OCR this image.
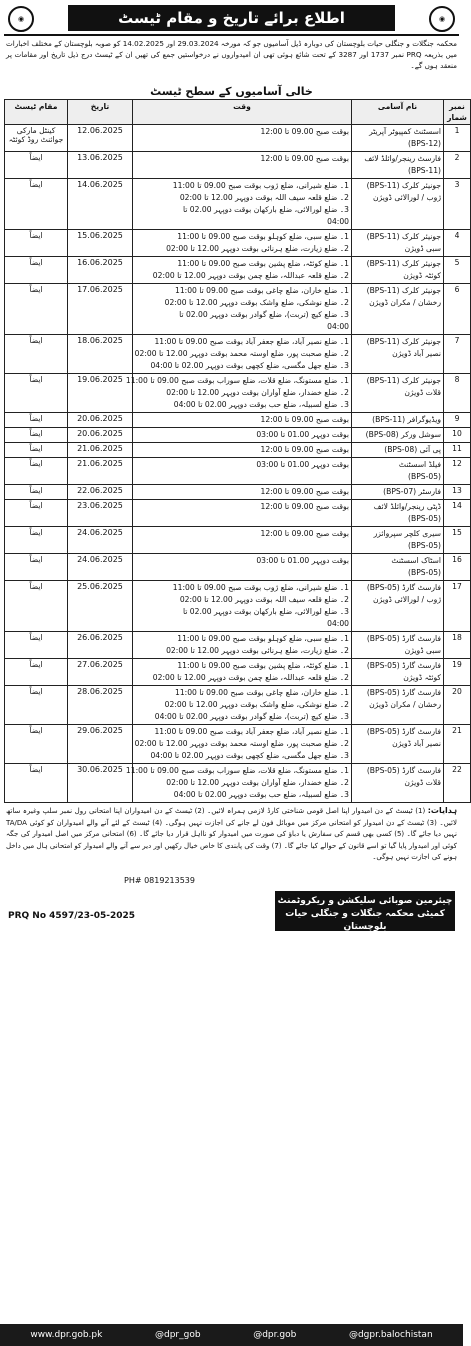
◉	اطلاع برائے تاریخ و مقام ٹیسٹ	◉
محکمہ جنگلات و جنگلی حیات بلوچستان کی دوبارہ ڈیل آسامیوں جو کہ مورخہ 29.03.2024 اور 14.02.2025 کو صوبہ بلوچستان کے مختلف اخبارات میں بذریعہ PRQ نمبر 1737 اور 3287 کے تحت شائع ہوئی تھی ان امیدواروں نے درخواستیں جمع کی تھیں ان کے ٹیسٹ درج ذیل تاریخ اور مقامات پر منعقد ہوں گے۔
خالی آسامیوں کے سطح ٹیسٹ
نمبر شمار	نام آسامی	وقت	تاریخ	مقام ٹیسٹ
1	اسسٹنٹ کمپیوٹر آپریٹر
(BPS-12)	بوقت صبح 09.00 تا 12:00	12.06.2025	کینٹل مارکی جوائنٹ روڈ کوئٹہ
2	فارسٹ رینجر/وائلڈ لائف
(BPS-11)	بوقت صبح 09.00 تا 12:00	13.06.2025	ایضاً
3	جونیئر کلرک (BPS-11)
ژوب / لورالائی ڈویژن	1۔ ضلع شیرانی، ضلع ژوب بوقت صبح 09.00 تا 11:00
2۔ ضلع قلعہ سیف اللہ بوقت دوپہر 12.00 تا 02:00
3۔ ضلع لورالائی، ضلع بارکھان بوقت دوپہر 02.00 تا
04:00	14.06.2025	ایضاً
4	جونیئر کلرک (BPS-11)
سبی ڈویژن	1۔ ضلع سبی، ضلع کوہلو بوقت صبح 09.00 تا 11:00
2۔ ضلع زیارت، ضلع ہرنائی بوقت دوپہر 12.00 تا 02:00	15.06.2025	ایضاً
5	جونیئر کلرک (BPS-11)
کوئٹہ ڈویژن	1۔ ضلع کوئٹہ، ضلع پشین بوقت صبح 09.00 تا 11:00
2۔ ضلع قلعہ عبداللہ، ضلع چمن بوقت دوپہر 12.00 تا 02:00	16.06.2025	ایضاً
6	جونیئر کلرک (BPS-11)
رخشان / مکران ڈویژن	1۔ ضلع خاران، ضلع چاغی بوقت صبح 09.00 تا 11:00
2۔ ضلع نوشکی، ضلع واشک بوقت دوپہر 12.00 تا 02:00
3۔ ضلع کیچ (تربت)، ضلع گوادر بوقت دوپہر 02.00 تا
04:00	17.06.2025	ایضاً
7	جونیئر کلرک (BPS-11)
نصیر آباد ڈویژن	1۔ ضلع نصیر آباد، ضلع جعفر آباد بوقت صبح 09.00 تا 11:00
2۔ ضلع صحبت پور، ضلع اوستہ محمد بوقت دوپہر 12.00 تا 02:00
3۔ ضلع جھل مگسی، ضلع کچھی بوقت دوپہر 02.00 تا 04:00	18.06.2025	ایضاً
8	جونیئر کلرک (BPS-11)
قلات ڈویژن	1۔ ضلع مستونگ، ضلع قلات، ضلع سوراب بوقت صبح 09.00 تا 11:00
2۔ ضلع خضدار، ضلع آواران بوقت دوپہر 12.00 تا 02:00
3۔ ضلع لسبیلہ، ضلع حب بوقت دوپہر 02.00 تا 04:00	19.06.2025	ایضاً
9	ویڈیوگرافر (BPS-11)	بوقت صبح 09.00 تا 12:00	20.06.2025	ایضاً
10	سوشل ورکر (BPS-08)	بوقت دوپہر 01.00 تا 03:00	20.06.2025	ایضاً
11	پی آئی (BPS-08)	بوقت صبح 09.00 تا 12:00	21.06.2025	ایضاً
12	فیلڈ اسسٹنٹ
(BPS-05)	بوقت دوپہر 01.00 تا 03:00	21.06.2025	ایضاً
13	فارسٹر (BPS-07)	بوقت صبح 09.00 تا 12:00	22.06.2025	ایضاً
14	ڈپٹی رینجر/وائلڈ لائف
(BPS-05)	بوقت صبح 09.00 تا 12:00	23.06.2025	ایضاً
15	سیری کلچر سپروائزر
(BPS-05)	بوقت صبح 09.00 تا 12:00	24.06.2025	ایضاً
16	اسٹاک اسسٹنٹ
(BPS-05)	بوقت دوپہر 01.00 تا 03:00	24.06.2025	ایضاً
17	فارسٹ گارڈ (BPS-05)
ژوب / لورالائی ڈویژن	1۔ ضلع شیرانی، ضلع ژوب بوقت صبح 09.00 تا 11:00
2۔ ضلع قلعہ سیف اللہ بوقت دوپہر 12.00 تا 02:00
3۔ ضلع لورالائی، ضلع بارکھان بوقت دوپہر 02.00 تا
04:00	25.06.2025	ایضاً
18	فارسٹ گارڈ (BPS-05)
سبی ڈویژن	1۔ ضلع سبی، ضلع کوہلو بوقت صبح 09.00 تا 11:00
2۔ ضلع زیارت، ضلع ہرنائی بوقت دوپہر 12.00 تا 02:00	26.06.2025	ایضاً
19	فارسٹ گارڈ (BPS-05)
کوئٹہ ڈویژن	1۔ ضلع کوئٹہ، ضلع پشین بوقت صبح 09.00 تا 11:00
2۔ ضلع قلعہ عبداللہ، ضلع چمن بوقت دوپہر 12.00 تا 02:00	27.06.2025	ایضاً
20	فارسٹ گارڈ (BPS-05)
رخشان / مکران ڈویژن	1۔ ضلع خاران، ضلع چاغی بوقت صبح 09.00 تا 11:00
2۔ ضلع نوشکی، ضلع واشک بوقت دوپہر 12.00 تا 02:00
3۔ ضلع کیچ (تربت)، ضلع گوادر بوقت دوپہر 02.00 تا 04:00	28.06.2025	ایضاً
21	فارسٹ گارڈ (BPS-05)
نصیر آباد ڈویژن	1۔ ضلع نصیر آباد، ضلع جعفر آباد بوقت صبح 09.00 تا 11:00
2۔ ضلع صحبت پور، ضلع اوستہ محمد بوقت دوپہر 12.00 تا 02:00
3۔ ضلع جھل مگسی، ضلع کچھی بوقت دوپہر 02.00 تا 04:00	29.06.2025	ایضاً
22	فارسٹ گارڈ (BPS-05)
قلات ڈویژن	1۔ ضلع مستونگ، ضلع قلات، ضلع سوراب بوقت صبح 09.00 تا 11:00
2۔ ضلع خضدار، ضلع آواران بوقت دوپہر 12.00 تا 02:00
3۔ ضلع لسبیلہ، ضلع حب بوقت دوپہر 02.00 تا 04:00	30.06.2025	ایضاً
ہدایات: (1) ٹیسٹ کے دن امیدوار اپنا اصل قومی شناختی کارڈ لازمی ہمراہ لائیں۔ (2) ٹیسٹ کے دن امیدواران اپنا امتحانی رول نمبر سلپ وغیرہ ساتھ لائیں۔ (3) ٹیسٹ کے دن امیدوار کو امتحانی مرکز میں موبائل فون لے جانے کی اجازت نہیں ہوگی۔ (4) ٹیسٹ کے لئے آنے والے امیدواران کو کوئی TA/DA نہیں دیا جائے گا۔ (5) کسی بھی قسم کی سفارش یا دباؤ کی صورت میں امیدوار کو نااہل قرار دیا جائے گا۔ (6) امتحانی مرکز میں اصل امیدوار کی جگہ کوئی اور امیدوار پایا گیا تو اسے قانون کے حوالے کیا جائے گا۔ (7) وقت کی پابندی کا خاص خیال رکھیں اور دیر سے آنے والے امیدوار کو امتحانی ہال میں داخل ہونے کی اجازت نہیں ہوگی۔
PH# 0819213539
چیئرمین صوبائی سلیکشن و ریکروٹمنٹ
کمیٹی محکمہ جنگلات و جنگلی حیات بلوچستان
PRQ No 4597/23-05-2025
www.dpr.gob.pk	@dpr_gob	@dpr.gob	@dgpr.balochistan
